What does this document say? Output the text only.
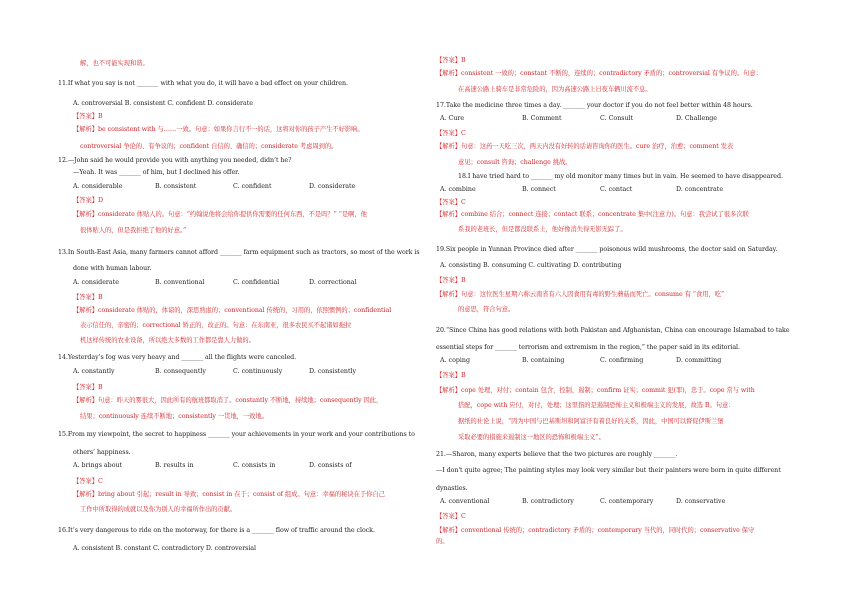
解，也不可能实现和谐。
11.If what you say is not _______ with what you do, it will have a bad effect on your children.
A. controversial B. consistent C. confident D. considerate
【答案】B
【解析】be consistent with 与……一致。句意：如果你言行不一的话，这将对你的孩子产生不好影响。
controversial 争论的、有争议的；confident 自信的、确信的；considerate 考虑周到的。
12.—John said he would provide you with anything you needed, didn’t he?
—Yeah. It was _______ of him, but I declined his offer.
【答案】D
【解析】considerate 体贴人的。句意：“约翰说他将会给你提供你需要的任何东西，不是吗？” “是啊，他
很体贴人的，但是我拒绝了他的好意。”
13.In South-East Asia, many farmers cannot afford _______ farm equipment such as tractors, so most of the work is
done with human labour.
【答案】B
【解析】considerate 体贴的，体谅的，深思熟虑的；conventional 传统的，习用的，依照惯例的；confidential
表示信任的，亲密的；correctional 矫正的，改正的。句意：在东南亚，很多农民买不起诸如拖拉
机这样传统的农业设备，所以绝大多数的工作都是靠人力做的。
14.Yesterday’s fog was very heavy and _______ all the flights were canceled.
【答案】B
【解析】句意：昨天的雾很大，因此所有的航班都取消了。constantly 不断地，持续地；consequently 因此，
结果；continuously 连续不断地；consistently 一贯地，一致地。
15.From my viewpoint, the secret to happiness _______ your achievements in your work and your contributions to
others’ happiness.
【答案】C
【解析】bring about 引起；result in 导致；consist in 在于；consist of 组成。句意：幸福的秘诀在于你自己
工作中所取得的成就以及你为别人的幸福所作出的贡献。
16.It’s very dangerous to ride on the motorway, for there is a _______ flow of traffic around the clock.
A. consistent B. constant C. contradictory D. controversial
A. considerable	B. consistent	C. confident	D. considerate
A. considerate	B. conventional	C. confidential	D. correctional
A. constantly	B. consequently	C. continuously	D. consistently
A. brings about	B. results in	C. consists in	D. consists of
【答案】B
【解析】consistent 一致的；constant 不断的，连续的；contradictory 矛盾的；controversial 有争议的。句意：
在高速公路上骑车是非常危险的，因为高速公路上日夜车辆川流不息。
17.Take the medicine three times a day. _______ your doctor if you do not feel better within 48 hours.
【答案】C
【解析】句意：这药一天吃三次，两天内没有好转的话请咨询你的医生。cure 治疗，治愈；comment 发表
意见；consult 咨询；challenge 挑战。
18.I have tried hard to _______ my old monitor many times but in vain. He seemed to have disappeared.
【答案】C
【解析】combine 结合；connect 连接；contact 联系；concentrate 集中(注意力)。句意：我尝试了很多次联
系我的老班长，但是都没联系上，他好像消失得无影无踪了。
19.Six people in Yunnan Province died after _______ poisonous wild mushrooms, the doctor said on Saturday.
【答案】B
【解析】句意：这位医生星期六称云南省有六人因食用有毒的野生蘑菇而死亡。consume 有 “食用，吃”
的意思，符合句意。
20.“Since China has good relations with both Pakistan and Afghanistan, China can encourage Islamabad to take
essential steps for _______ terrorism and extremism in the region,” the paper said in its editorial.
【答案】B
【解析】cope 处理，对付；contain 包含，控制，遏制；confirm 证实；commit 犯(罪)，忠于。cope 常与 with
搭配，cope with 应付，对付，处理；这里指的是遏制恐怖主义和极端主义的发展，故选 B。句意：
据纸的社论上说，“因为中国与巴基斯坦和阿富汗有着良好的关系，因此，中国可以督促伊斯兰堡
采取必要的措施来遏制这一地区的恐怖和极端主义”。
21.—Sharon, many experts believe that the two pictures are roughly _______.
—I don't quite agree; The painting styles may look very similar but their painters were born in quite different
dynasties.
【答案】C
【解析】conventional 传统的；contradictory 矛盾的；contemporary 当代的，同时代的；conservative 保守
的。
A. Cure	B. Comment	C. Consult	D. Challenge
A. combine	B. connect	C. contact	D. concentrate
A. consisting B. consuming C. cultivating D. contributing
A. coping	B. containing	C. confirming	D. committing
A. conventional	B. contradictory	C. contemporary	D. conservative
